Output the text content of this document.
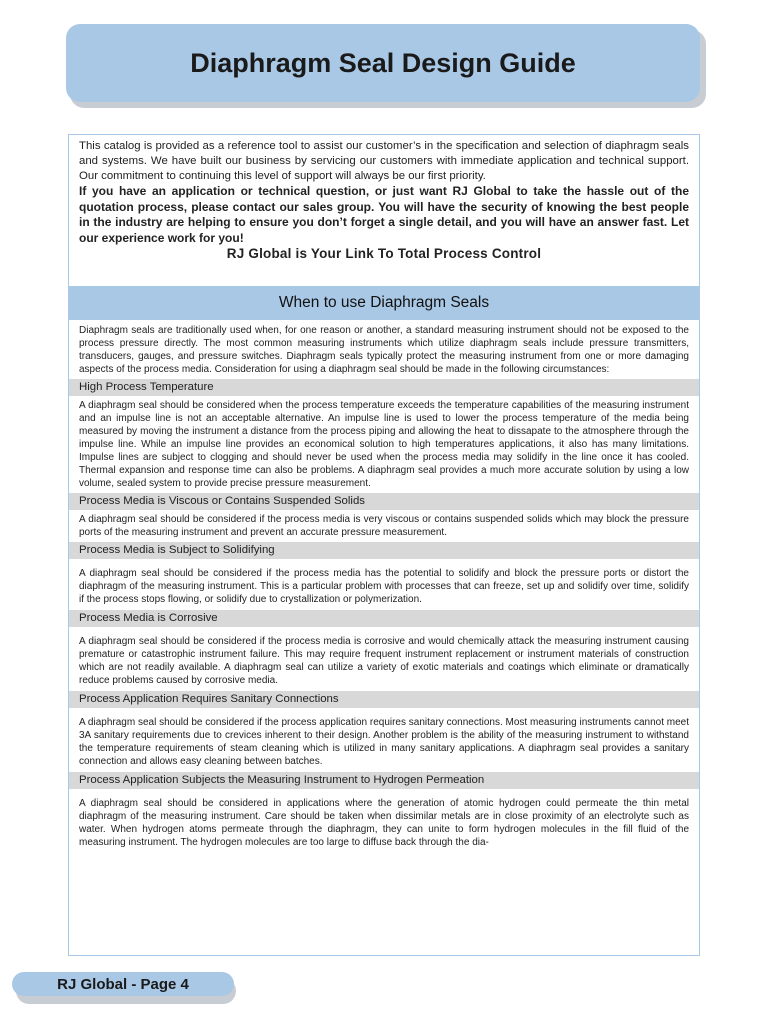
Diaphragm Seal Design Guide

This catalog is provided as a reference tool to assist our customer’s in the specification and selection of diaphragm seals and systems. We have built our business by servicing our customers with immediate application and technical support. Our commitment to continuing this level of support will always be our first priority.

If you have an application or technical question, or just want RJ Global to take the hassle out of the quotation process, please contact our sales group. You will have the security of knowing the best people in the industry are helping to ensure you don’t forget a single detail, and you will have an answer fast. Let our experience work for you!

RJ Global is Your Link To Total Process Control

When to use Diaphragm Seals

Diaphragm seals are traditionally used when, for one reason or another, a standard measuring instrument should not be exposed to the process pressure directly. The most common measuring instruments which utilize diaphragm seals include pressure transmitters, transducers, gauges, and pressure switches. Diaphragm seals typically protect the measuring instrument from one or more damaging aspects of the process media. Consideration for using a diaphragm seal should be made in the following circumstances:

High Process Temperature
A diaphragm seal should be considered when the process temperature exceeds the temperature capabilities of the measuring instrument and an impulse line is not an acceptable alternative. An impulse line is used to lower the process temperature of the media being measured by moving the instrument a distance from the process piping and allowing the heat to dissapate to the atmosphere through the impulse line. While an impulse line provides an economical solution to high temperatures applications, it also has many limitations. Impulse lines are subject to clogging and should never be used when the process media may solidify in the line once it has cooled. Thermal expansion and response time can also be problems. A diaphragm seal provides a much more accurate solution by using a low volume, sealed system to provide precise pressure measurement.
Process Media is Viscous or Contains Suspended Solids
A diaphragm seal should be considered if the process media is very viscous or contains suspended solids which may block the pressure ports of the measuring instrument and prevent an accurate pressure measurement.
Process Media is Subject to Solidifying
A diaphragm seal should be considered if the process media has the potential to solidify and block the pressure ports or distort the diaphragm of the measuring instrument. This is a particular problem with processes that can freeze, set up and solidify over time, solidify if the process stops flowing, or solidify due to crystallization or polymerization.
Process Media is Corrosive
A diaphragm seal should be considered if the process media is corrosive and would chemically attack the measuring instrument causing premature or catastrophic instrument failure. This may require frequent instrument replacement or instrument materials of construction which are not readily available. A diaphragm seal can utilize a variety of exotic materials and coatings which eliminate or dramatically reduce problems caused by corrosive media.
Process Application Requires Sanitary Connections
A diaphragm seal should be considered if the process application requires sanitary connections. Most measuring instruments cannot meet 3A sanitary requirements due to crevices inherent to their design. Another problem is the ability of the measuring instrument to withstand the temperature requirements of steam cleaning which is utilized in many sanitary applications. A diaphragm seal provides a sanitary connection and allows easy cleaning between batches.
Process Application Subjects the Measuring Instrument to Hydrogen Permeation
A diaphragm seal should be considered in applications where the generation of atomic hydrogen could permeate the thin metal diaphragm of the measuring instrument. Care should be taken when dissimilar metals are in close proximity of an electrolyte such as water. When hydrogen atoms permeate through the diaphragm, they can unite to form hydrogen molecules in the fill fluid of the measuring instrument. The hydrogen molecules are too large to diffuse back through the dia-
RJ Global - Page 4
